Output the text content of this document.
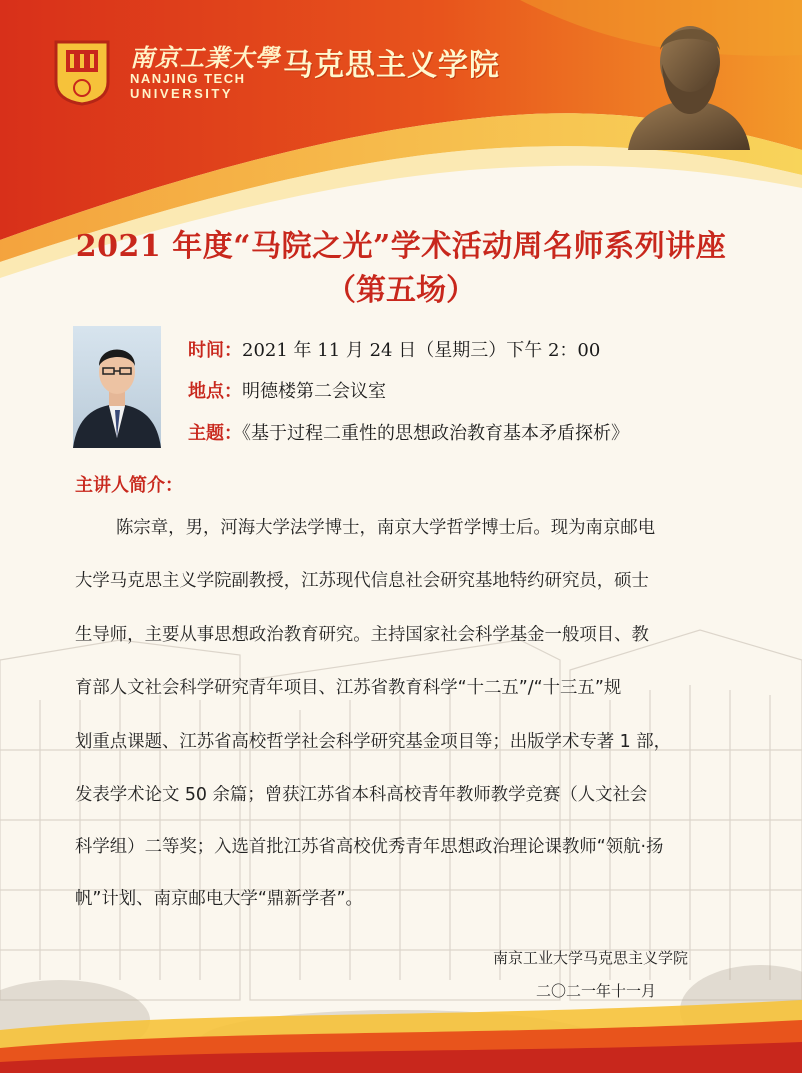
南京工業大學
NANJING TECH
UNIVERSITY
马克思主义学院
2021 年度“马院之光”学术活动周名师系列讲座
（第五场）
时间：2021 年 11 月 24 日（星期三）下午 2：00
地点：明德楼第二会议室
主题：《基于过程二重性的思想政治教育基本矛盾探析》
主讲人简介：
陈宗章，男，河海大学法学博士，南京大学哲学博士后。现为南京邮电
大学马克思主义学院副教授，江苏现代信息社会研究基地特约研究员，硕士
生导师，主要从事思想政治教育研究。主持国家社会科学基金一般项目、教
育部人文社会科学研究青年项目、江苏省教育科学“十二五”/“十三五”规
划重点课题、江苏省高校哲学社会科学研究基金项目等；出版学术专著 1 部，
发表学术论文 50 余篇；曾获江苏省本科高校青年教师教学竞赛（人文社会
科学组）二等奖；入选首批江苏省高校优秀青年思想政治理论课教师“领航·扬
帆”计划、南京邮电大学“鼎新学者”。
南京工业大学马克思主义学院
二〇二一年十一月
